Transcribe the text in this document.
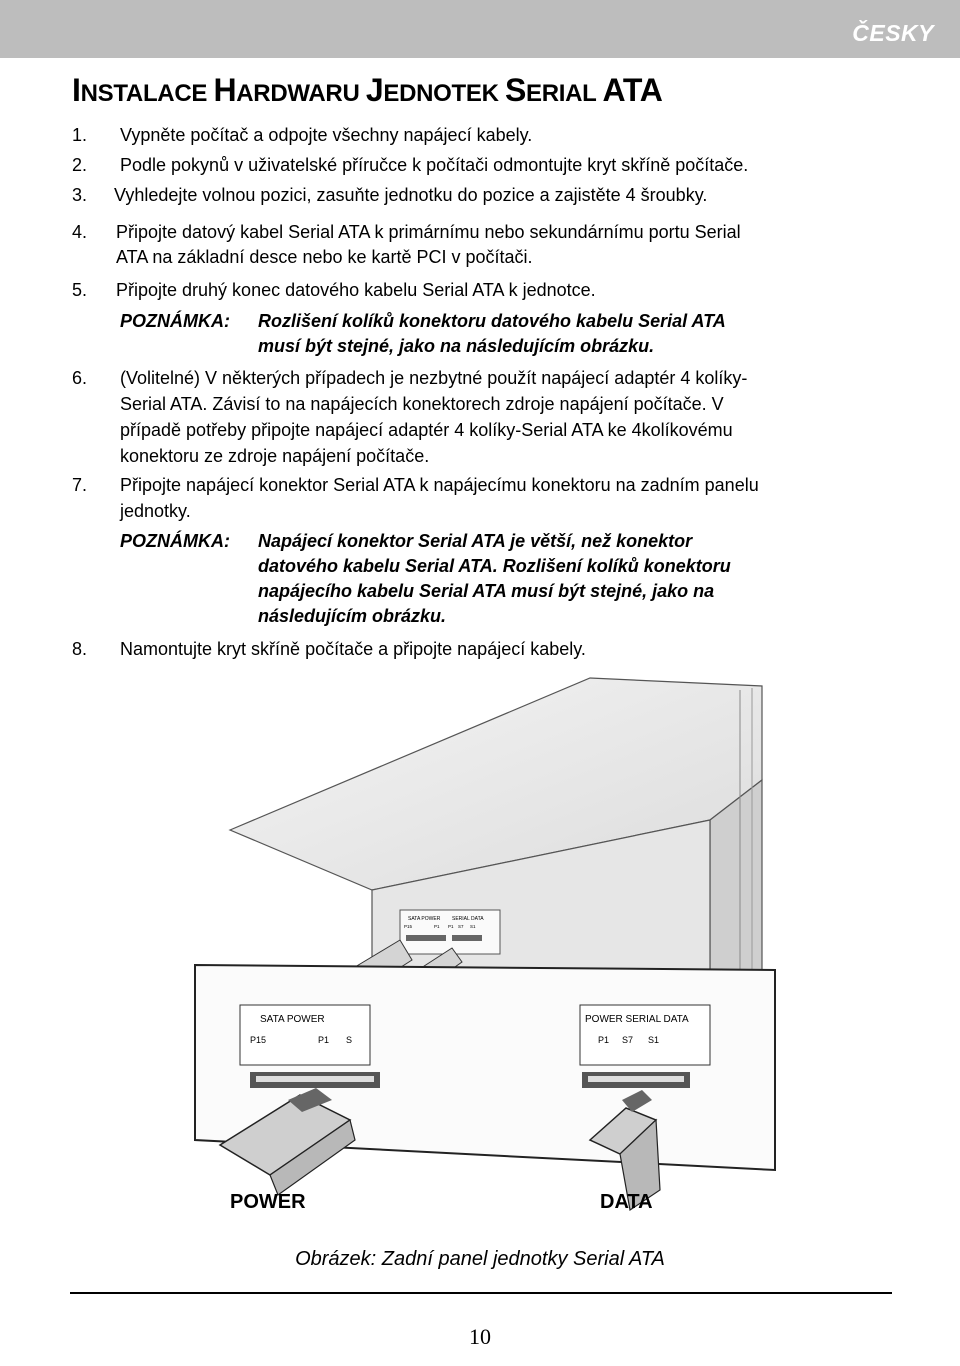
ČESKY
INSTALACE HARDWARU JEDNOTEK SERIAL ATA
1.	Vypněte počítač a odpojte všechny napájecí kabely.
2.	Podle pokynů v uživatelské příručce k počítači odmontujte kryt skříně počítače.
3.	Vyhledejte volnou pozici, zasuňte jednotku do pozice a zajistěte 4 šroubky.
4.	Připojte datový kabel Serial ATA k primárnímu nebo sekundárnímu portu Serial
ATA na základní desce nebo ke kartě PCI v počítači.
5.	Připojte druhý konec datového kabelu Serial ATA k jednotce.
POZNÁMKA: Rozlišení kolíků konektoru datového kabelu Serial ATA
musí být stejné, jako na následujícím obrázku.
6.	(Volitelné) V některých případech je nezbytné použít napájecí adaptér 4 kolíky-
Serial ATA. Závisí to na napájecích konektorech zdroje napájení počítače. V
případě potřeby připojte napájecí adaptér 4 kolíky-Serial ATA ke 4kolíkovému
konektoru ze zdroje napájení počítače.
7.	Připojte napájecí konektor Serial ATA k napájecímu konektoru na zadním panelu
jednotky.
POZNÁMKA: Napájecí konektor Serial ATA je větší, než konektor
datového kabelu Serial ATA. Rozlišení kolíků konektoru
napájecího kabelu Serial ATA musí být stejné, jako na
následujícím obrázku.
8.	Namontujte kryt skříně počítače a připojte napájecí kabely.
SATA POWER SERIAL DATA
P15	P1 P1 S7 S1
SATA POWER
P15	P1 S
POWER SERIAL DATA
P1 S7 S1
POWER	DATA
Obrázek: Zadní panel jednotky Serial ATA
10
